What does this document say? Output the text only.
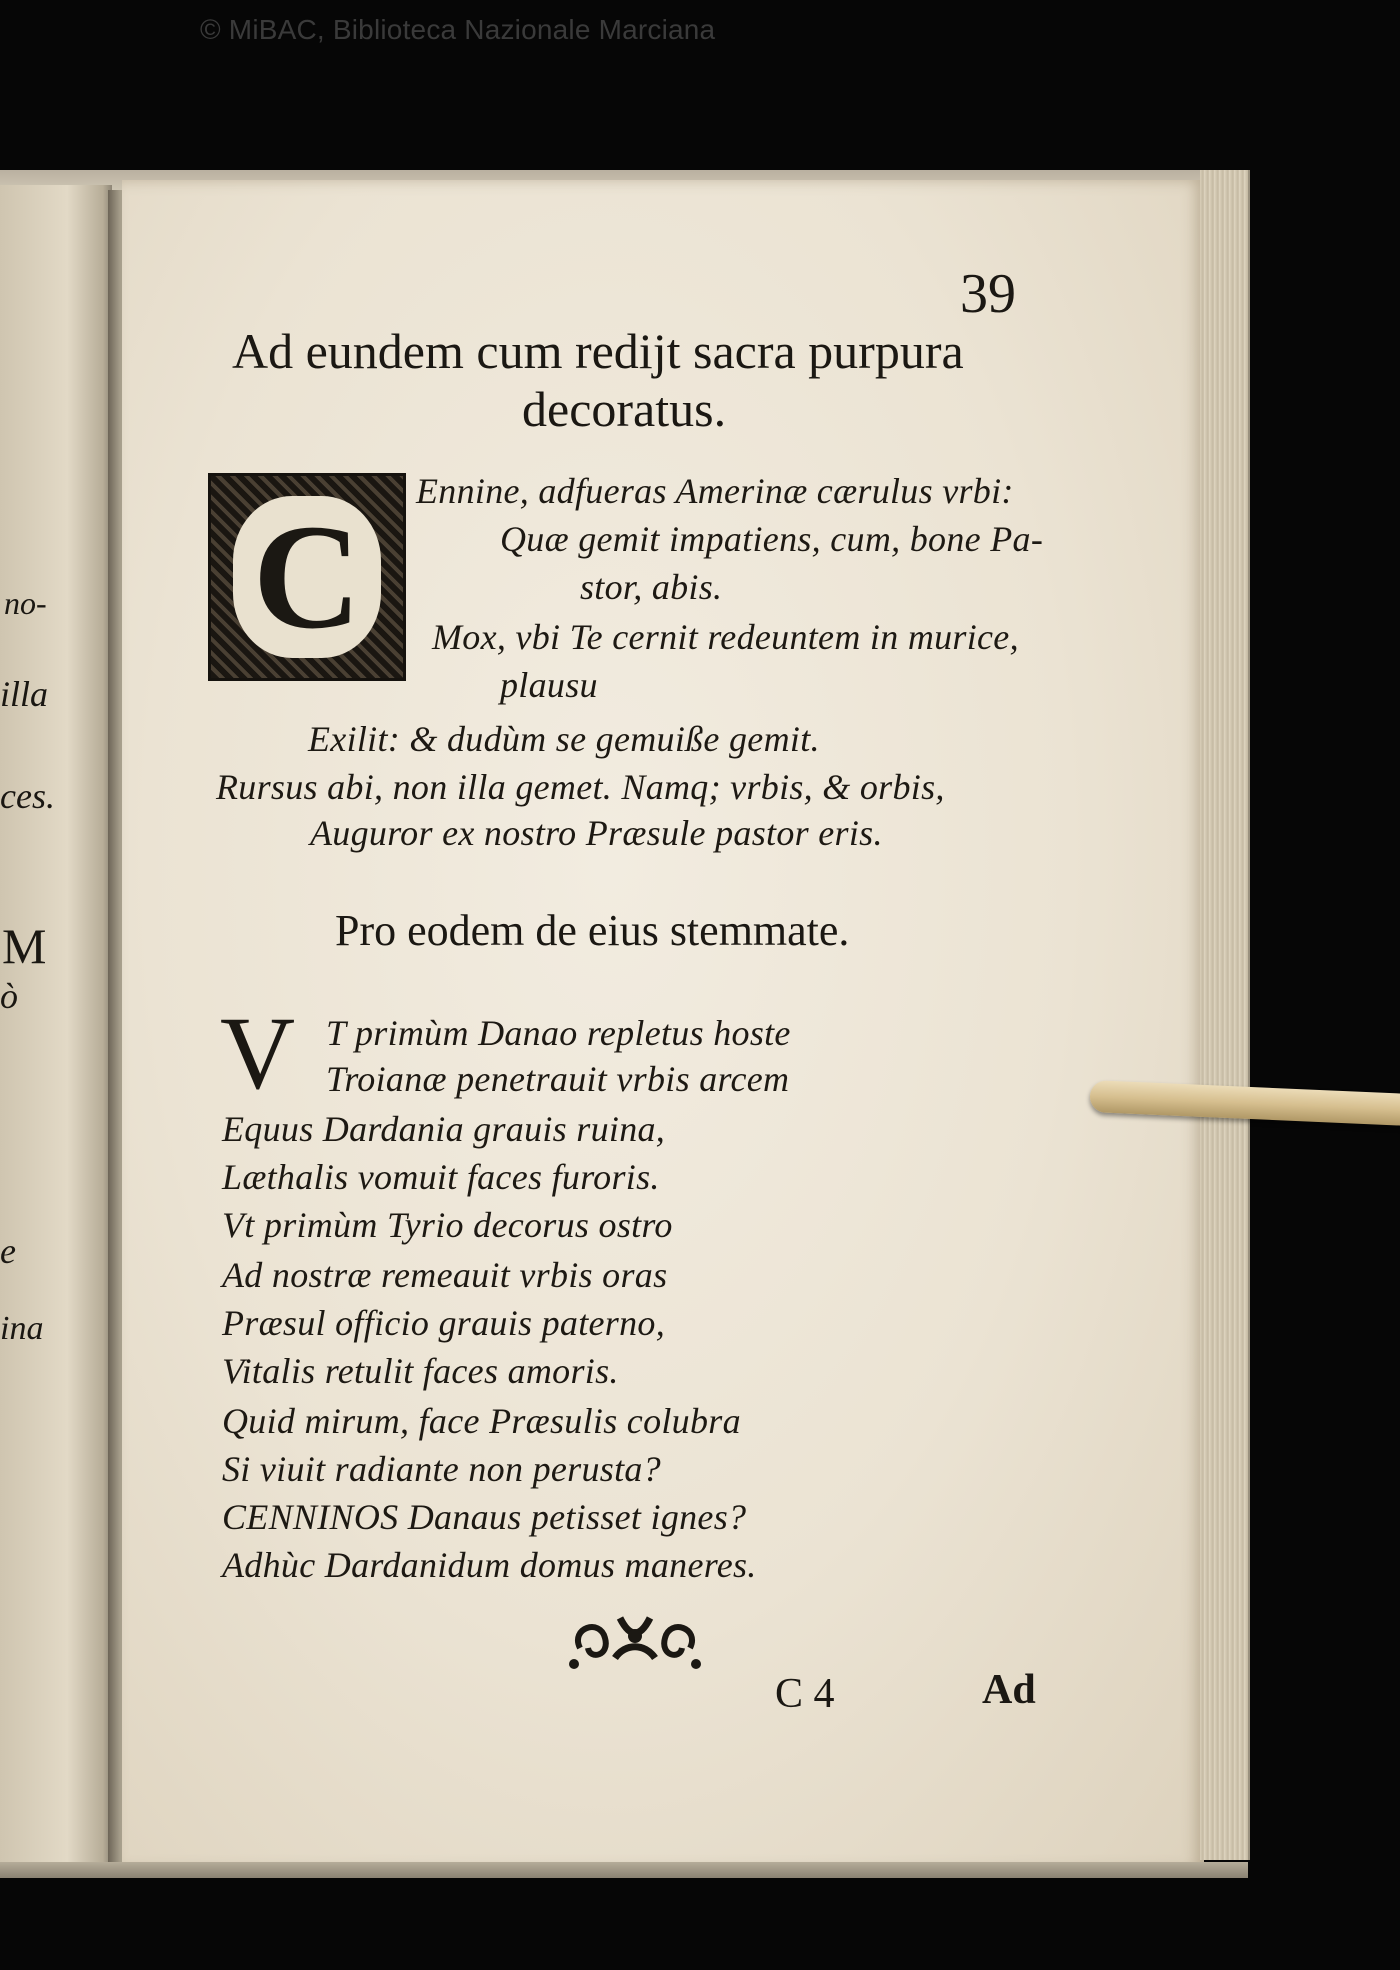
© MiBAC, Biblioteca Nazionale Marciana
no-
illa
ces.
M
ò
e
ina
39
Ad eundem cum redijt sacra purpura
decoratus.
C
Ennine, adfueras Amerinæ cærulus vrbi:
Quæ gemit impatiens, cum, bone Pa-
stor, abis.
Mox, vbi Te cernit redeuntem in murice,
plausu
Exilit: & dudùm se gemuiße gemit.
Rursus abi, non illa gemet. Namq; vrbis, & orbis,
Auguror ex nostro Præsule pastor eris.
Pro eodem de eius stemmate.
V T primùm Danao repletus hoste
Troianæ penetrauit vrbis arcem
Equus Dardania grauis ruina,
Læthalis vomuit faces furoris.
Vt primùm Tyrio decorus ostro
Ad nostræ remeauit vrbis oras
Præsul officio grauis paterno,
Vitalis retulit faces amoris.
Quid mirum, face Præsulis colubra
Si viuit radiante non perusta?
CENNINOS Danaus petisset ignes?
Adhùc Dardanidum domus maneres.
C 4	Ad
